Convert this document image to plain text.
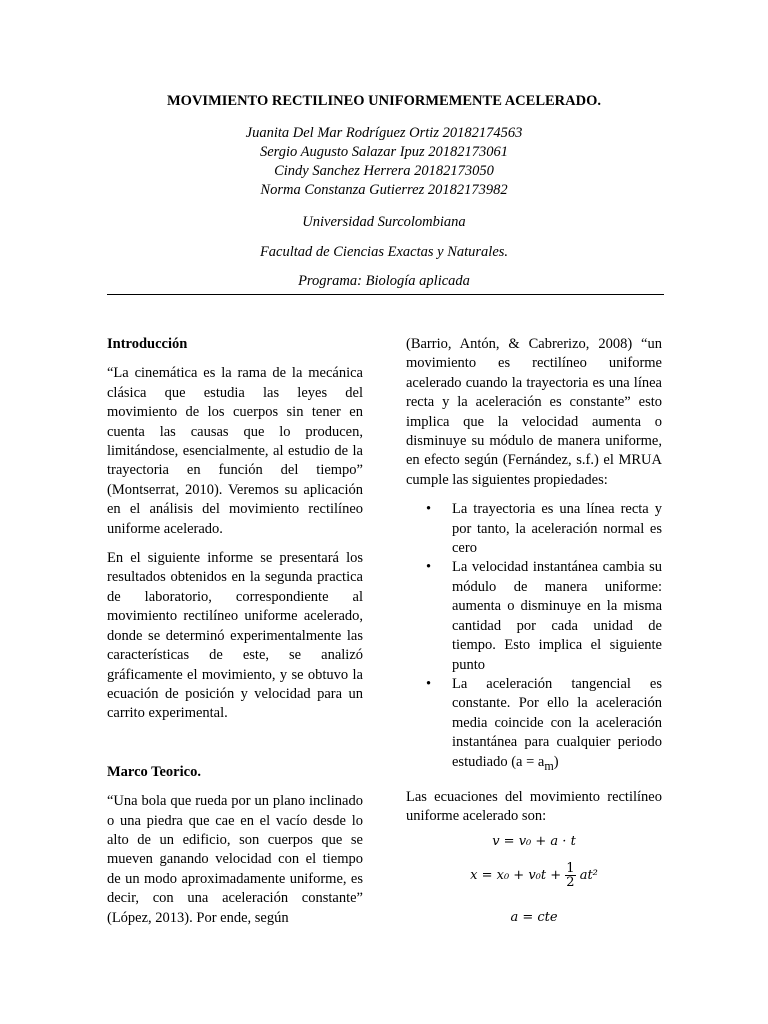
MOVIMIENTO RECTILINEO UNIFORMEMENTE ACELERADO.
Juanita Del Mar Rodríguez Ortiz 20182174563
Sergio Augusto Salazar Ipuz 20182173061
Cindy Sanchez Herrera 20182173050
Norma Constanza Gutierrez 20182173982
Universidad Surcolombiana
Facultad de Ciencias Exactas y Naturales.
Programa: Biología aplicada

Introducción

“La cinemática es la rama de la mecánica clásica que estudia las leyes del movimiento de los cuerpos sin tener en cuenta las causas que lo producen, limitándose, esencialmente, al estudio de la trayectoria en función del tiempo” (Montserrat, 2010). Veremos su aplicación en el análisis del movimiento rectilíneo uniforme acelerado.

En el siguiente informe se presentará los resultados obtenidos en la segunda practica de laboratorio, correspondiente al movimiento rectilíneo uniforme acelerado, donde se determinó experimentalmente las características de este, se analizó gráficamente el movimiento, y se obtuvo la ecuación de posición y velocidad para un carrito experimental.

Marco Teorico.

“Una bola que rueda por un plano inclinado o una piedra que cae en el vacío desde lo alto de un edificio, son cuerpos que se mueven ganando velocidad con el tiempo de un modo aproximadamente uniforme, es decir, con una aceleración constante” (López, 2013). Por ende, según

(Barrio, Antón, & Cabrerizo, 2008) “un movimiento es rectilíneo uniforme acelerado cuando la trayectoria es una línea recta y la aceleración es constante” esto implica que la velocidad aumenta o disminuye su módulo de manera uniforme, en efecto según (Fernández, s.f.) el MRUA cumple las siguientes propiedades:

• La trayectoria es una línea recta y por tanto, la aceleración normal es cero
• La velocidad instantánea cambia su módulo de manera uniforme: aumenta o disminuye en la misma cantidad por cada unidad de tiempo. Esto implica el siguiente punto
• La aceleración tangencial es constante. Por ello la aceleración media coincide con la aceleración instantánea para cualquier periodo estudiado $(a = a_m)$

Las ecuaciones del movimiento rectilíneo uniforme acelerado son:

v = v₀ + a · t
$x = x_0 + v_0t + \frac{1}{2} at^2$
a = cte
